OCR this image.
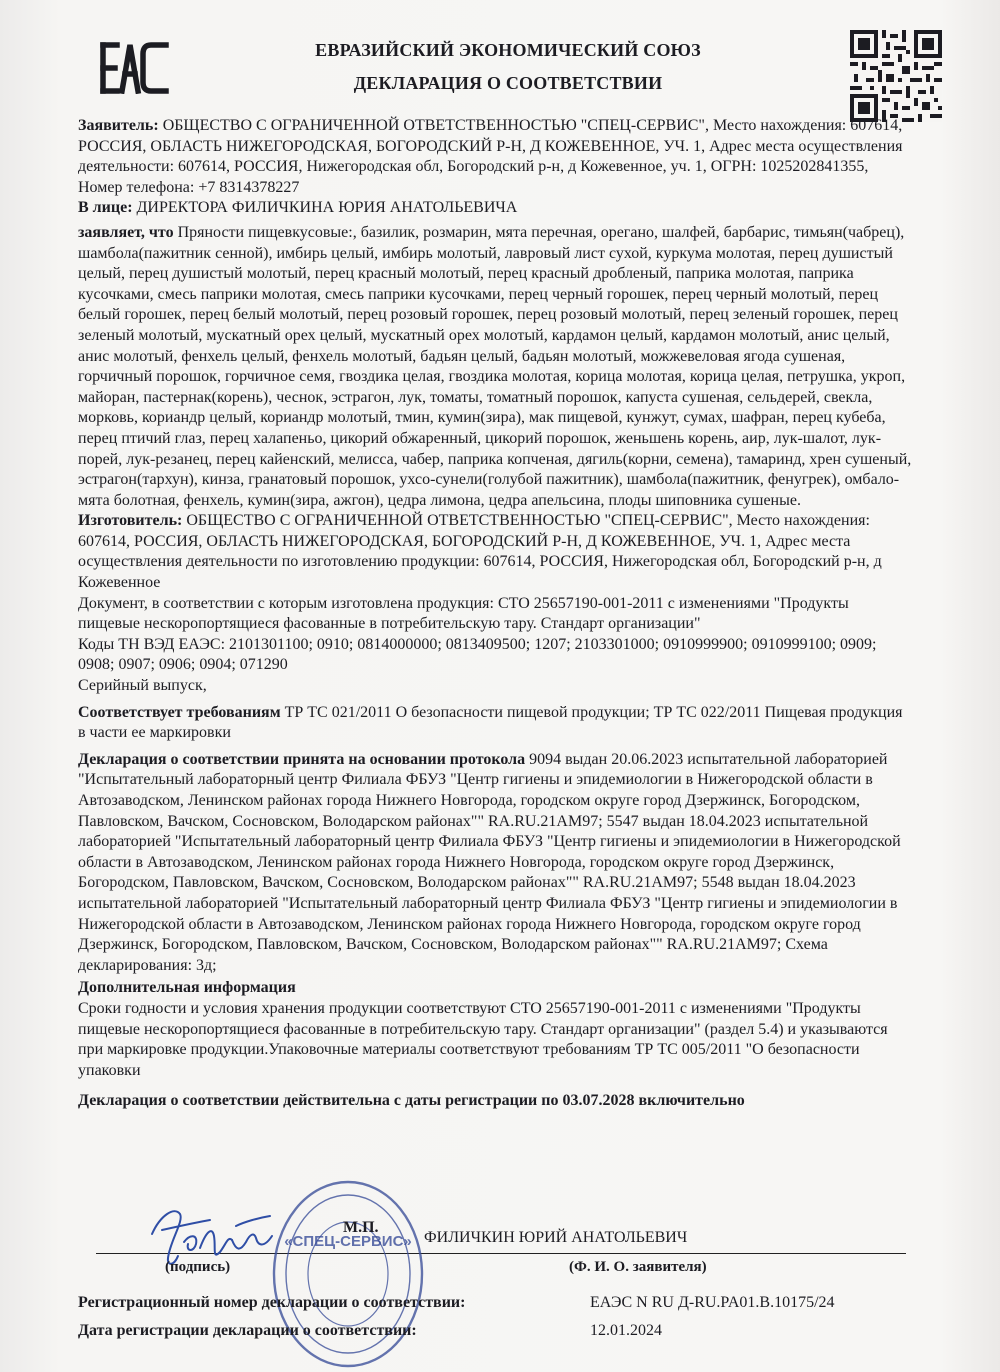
ЕВРАЗИЙСКИЙ ЭКОНОМИЧЕСКИЙ СОЮЗ
ДЕКЛАРАЦИЯ О СООТВЕТСТВИИ

Заявитель: ОБЩЕСТВО С ОГРАНИЧЕННОЙ ОТВЕТСТВЕННОСТЬЮ "СПЕЦ-СЕРВИС", Место нахождения: 607614, РОССИЯ, ОБЛАСТЬ НИЖЕГОРОДСКАЯ, БОГОРОДСКИЙ Р-Н, Д КОЖЕВЕННОЕ, УЧ. 1, Адрес места осуществления деятельности: 607614, РОССИЯ, Нижегородская обл, Богородский р-н, д Кожевенное, уч. 1, ОГРН: 1025202841355, Номер телефона: +7 8314378227

В лице: ДИРЕКТОРА ФИЛИЧКИНА ЮРИЯ АНАТОЛЬЕВИЧА

заявляет, что Пряности пищевкусовые:, базилик, розмарин, мята перечная, орегано, шалфей, барбарис, тимьян(чабрец), шамбола(пажитник сенной), имбирь целый, имбирь молотый, лавровый лист сухой, куркума молотая, перец душистый целый, перец душистый молотый, перец красный молотый, перец красный дробленый, паприка молотая, паприка кусочками, смесь паприки молотая, смесь паприки кусочками, перец черный горошек, перец черный молотый, перец белый горошек, перец белый молотый, перец розовый горошек, перец розовый молотый, перец зеленый горошек, перец зеленый молотый, мускатный орех целый, мускатный орех молотый, кардамон целый, кардамон молотый, анис целый, анис молотый, фенхель целый, фенхель молотый, бадьян целый, бадьян молотый, можжевеловая ягода сушеная, горчичный порошок, горчичное семя, гвоздика целая, гвоздика молотая, корица молотая, корица целая, петрушка, укроп, майоран, пастернак(корень), чеснок, эстрагон, лук, томаты, томатный порошок, капуста сушеная, сельдерей, свекла, морковь, кориандр целый, кориандр молотый, тмин, кумин(зира), мак пищевой, кунжут, сумах, шафран, перец кубеба, перец птичий глаз, перец халапеньо, цикорий обжаренный, цикорий порошок, женьшень корень, аир, лук-шалот, лук-порей, лук-резанец, перец кайенский, мелисса, чабер, паприка копченая, дягиль(корни, семена), тамаринд, хрен сушеный, эстрагон(тархун), кинза, гранатовый порошок, ухсо-сунели(голубой пажитник), шамбола(пажитник, фенугрек), омбало-мята болотная, фенхель, кумин(зира, ажгон), цедра лимона, цедра апельсина, плоды шиповника сушеные.

Изготовитель: ОБЩЕСТВО С ОГРАНИЧЕННОЙ ОТВЕТСТВЕННОСТЬЮ "СПЕЦ-СЕРВИС", Место нахождения: 607614, РОССИЯ, ОБЛАСТЬ НИЖЕГОРОДСКАЯ, БОГОРОДСКИЙ Р-Н, Д КОЖЕВЕННОЕ, УЧ. 1, Адрес места осуществления деятельности по изготовлению продукции: 607614, РОССИЯ, Нижегородская обл, Богородский р-н, д Кожевенное

Документ, в соответствии с которым изготовлена продукция: СТО 25657190-001-2011 с изменениями "Продукты пищевые нескоропортящиеся фасованные в потребительскую тару. Стандарт организации"

Коды ТН ВЭД ЕАЭС: 2101301100; 0910; 0814000000; 0813409500; 1207; 2103301000; 0910999900; 0910999100; 0909; 0908; 0907; 0906; 0904; 071290

Серийный выпуск,

Соответствует требованиям ТР ТС 021/2011 О безопасности пищевой продукции; ТР ТС 022/2011 Пищевая продукция в части ее маркировки

Декларация о соответствии принята на основании протокола 9094 выдан 20.06.2023 испытательной лабораторией "Испытательный лабораторный центр Филиала ФБУЗ "Центр гигиены и эпидемиологии в Нижегородской области в Автозаводском, Ленинском районах города Нижнего Новгорода, городском округе город Дзержинск, Богородском, Павловском, Вачском, Сосновском, Володарском районах"" RA.RU.21AM97; 5547 выдан 18.04.2023 испытательной лабораторией "Испытательный лабораторный центр Филиала ФБУЗ "Центр гигиены и эпидемиологии в Нижегородской области в Автозаводском, Ленинском районах города Нижнего Новгорода, городском округе город Дзержинск, Богородском, Павловском, Вачском, Сосновском, Володарском районах"" RA.RU.21AM97; 5548 выдан 18.04.2023 испытательной лабораторией "Испытательный лабораторный центр Филиала ФБУЗ "Центр гигиены и эпидемиологии в Нижегородской области в Автозаводском, Ленинском районах города Нижнего Новгорода, городском округе город Дзержинск, Богородском, Павловском, Вачском, Сосновском, Володарском районах"" RA.RU.21AM97; Схема декларирования: 3д;

Дополнительная информация

Сроки годности и условия хранения продукции соответствуют СТО 25657190-001-2011 с изменениями "Продукты пищевые нескоропортящиеся фасованные в потребительскую тару. Стандарт организации" (раздел 5.4) и указываются при маркировке продукции.Упаковочные материалы соответствуют требованиям ТР ТС 005/2011 "О безопасности упаковки

Декларация о соответствии действительна с даты регистрации по 03.07.2028 включительно

«СПЕЦ-СЕРВИС»
М.П.
ФИЛИЧКИН ЮРИЙ АНАТОЛЬЕВИЧ
(подпись)	(Ф. И. О. заявителя)
Регистрационный номер декларации о соответствии:	ЕАЭС N RU Д-RU.PA01.B.10175/24
Дата регистрации декларации о соответствии:	12.01.2024
